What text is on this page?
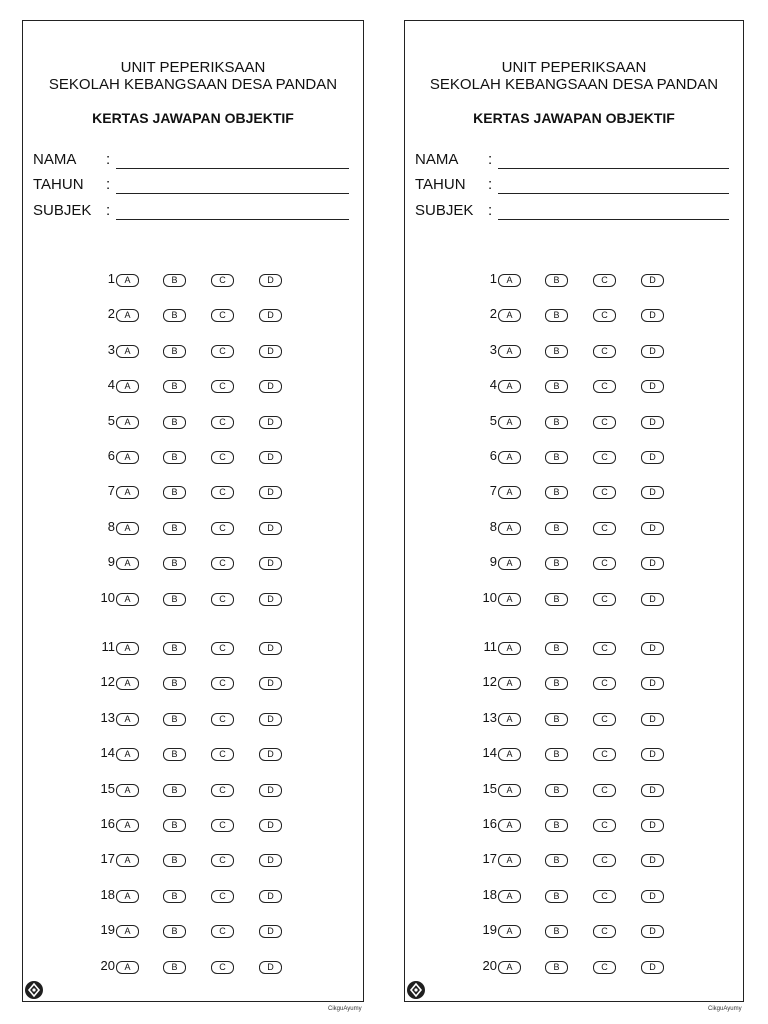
UNIT PEPERIKSAAN
SEKOLAH KEBANGSAAN DESA PANDAN
KERTAS JAWAPAN OBJEKTIF
NAMA :
TAHUN :
SUBJEK :
1	A	B	C	D
2	A	B	C	D
3	A	B	C	D
4	A	B	C	D
5	A	B	C	D
6	A	B	C	D
7	A	B	C	D
8	A	B	C	D
9	A	B	C	D
10	A	B	C	D
11	A	B	C	D
12	A	B	C	D
13	A	B	C	D
14	A	B	C	D
15	A	B	C	D
16	A	B	C	D
17	A	B	C	D
18	A	B	C	D
19	A	B	C	D
20	A	B	C	D
UNIT PEPERIKSAAN
SEKOLAH KEBANGSAAN DESA PANDAN
KERTAS JAWAPAN OBJEKTIF
NAMA :
TAHUN :
SUBJEK :
1	A	B	C	D
2	A	B	C	D
3	A	B	C	D
4	A	B	C	D
5	A	B	C	D
6	A	B	C	D
7	A	B	C	D
8	A	B	C	D
9	A	B	C	D
10	A	B	C	D
11	A	B	C	D
12	A	B	C	D
13	A	B	C	D
14	A	B	C	D
15	A	B	C	D
16	A	B	C	D
17	A	B	C	D
18	A	B	C	D
19	A	B	C	D
20	A	B	C	D
CikguAyumy	CikguAyumy
